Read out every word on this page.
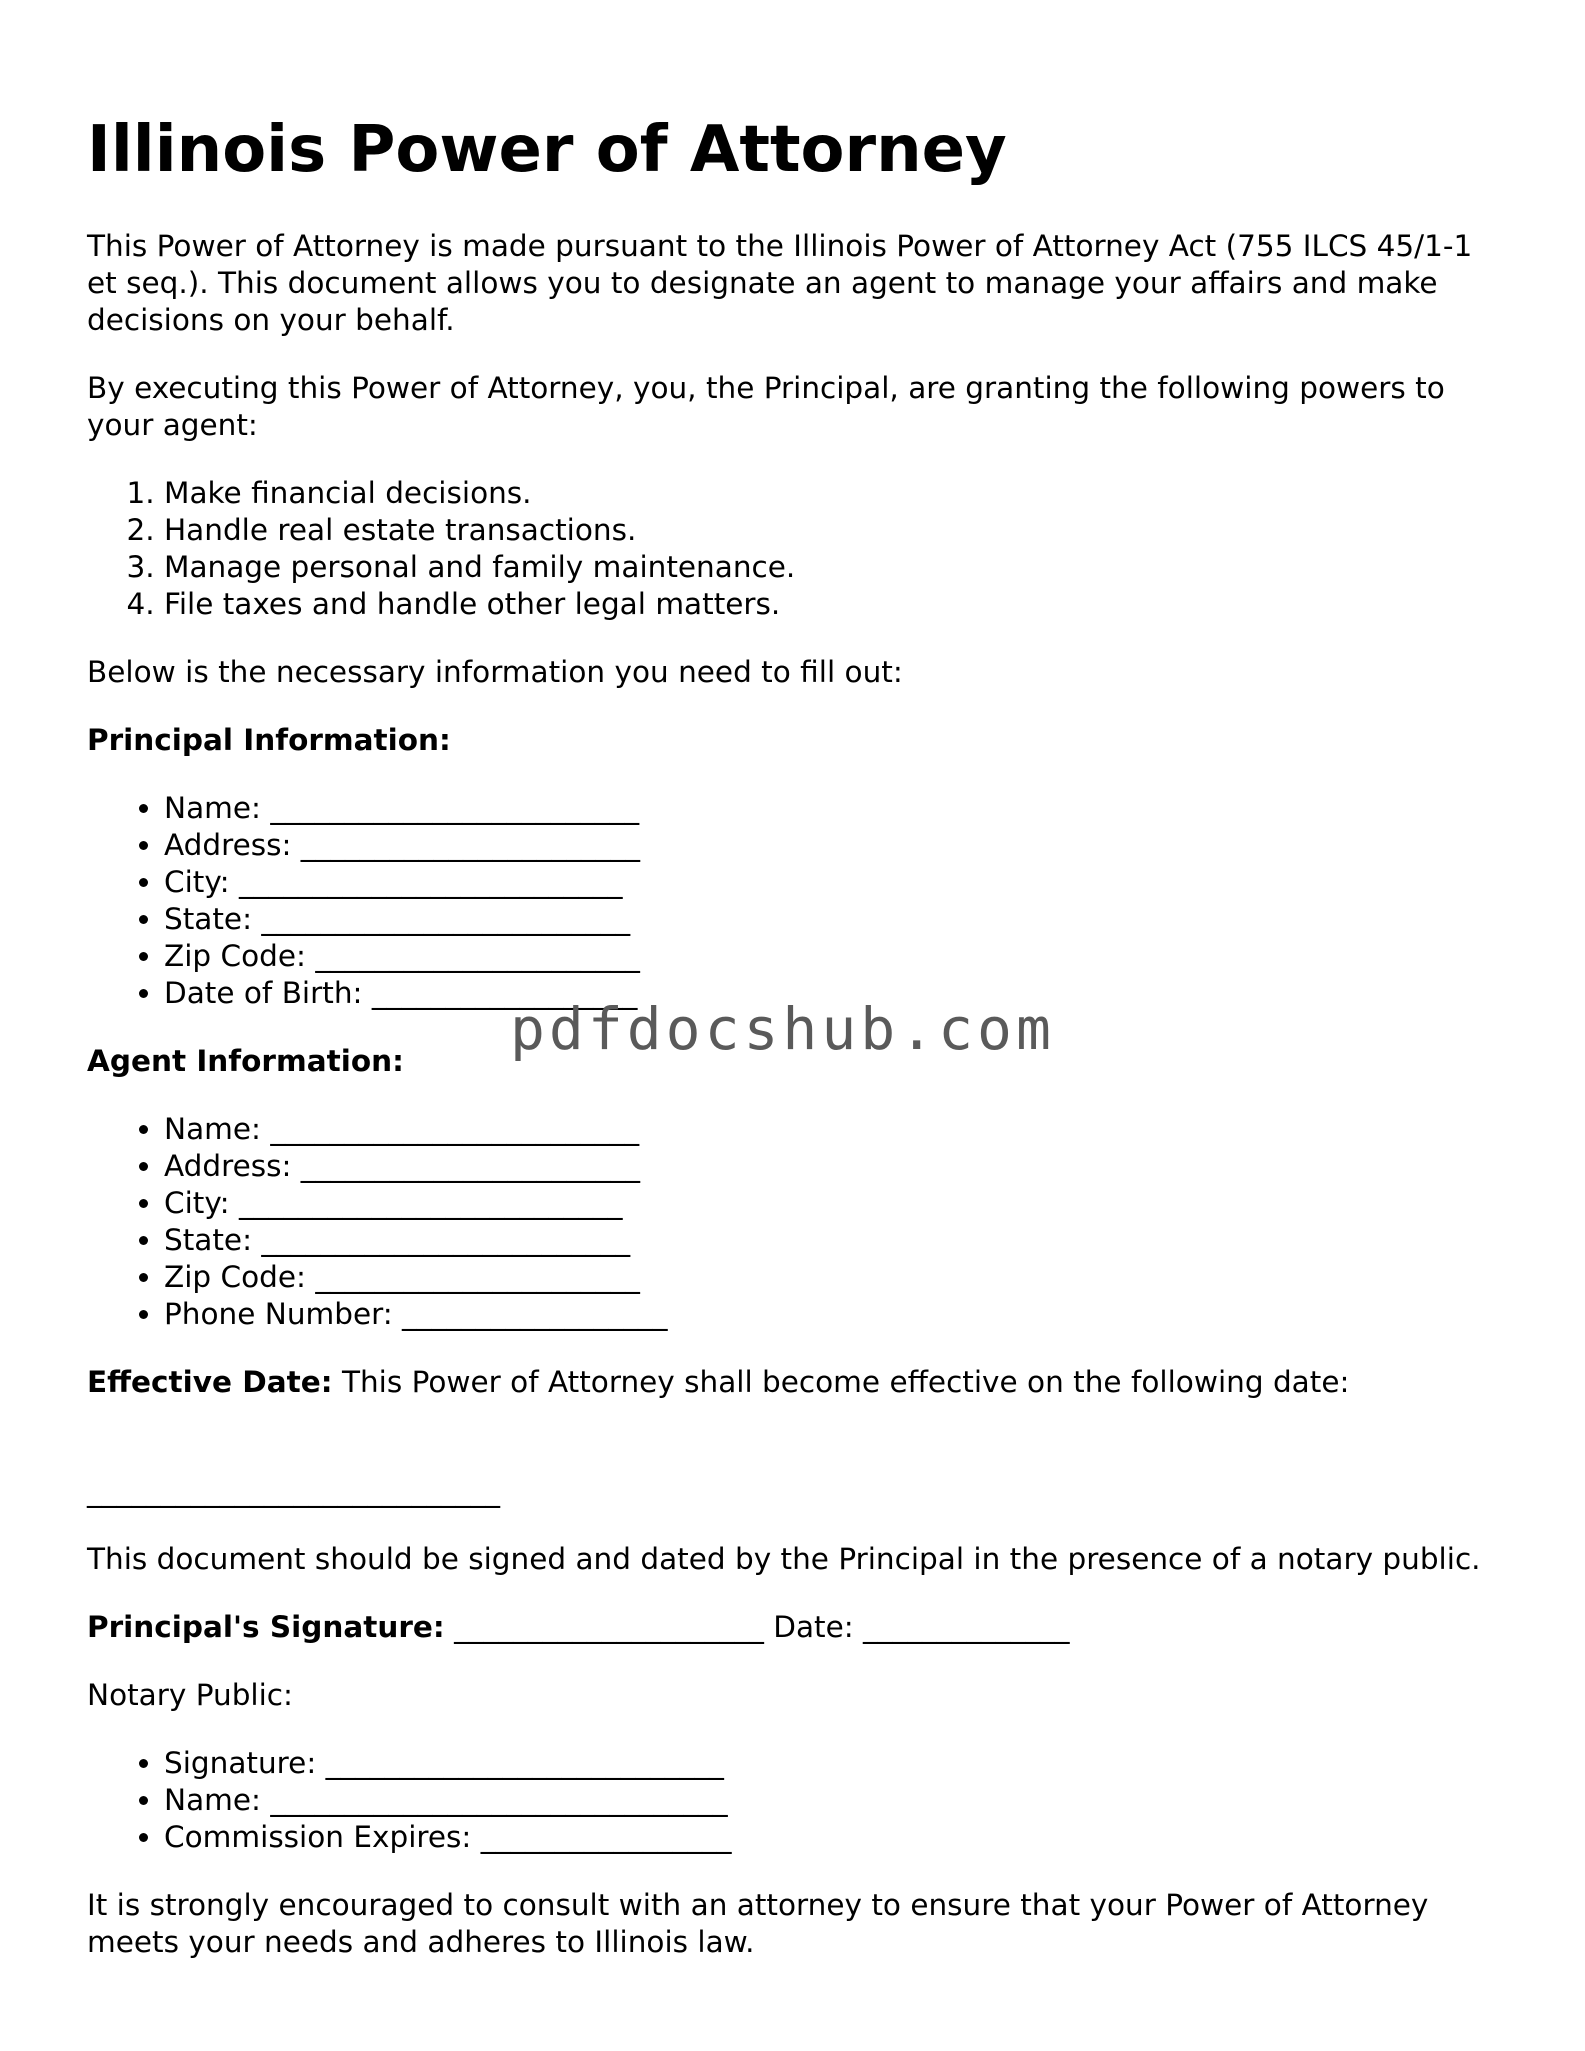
Illinois Power of Attorney

This Power of Attorney is made pursuant to the Illinois Power of Attorney Act (755 ILCS 45/1-1 et seq.). This document allows you to designate an agent to manage your affairs and make decisions on your behalf.

By executing this Power of Attorney, you, the Principal, are granting the following powers to your agent:

1. Make financial decisions.
2. Handle real estate transactions.
3. Manage personal and family maintenance.
4. File taxes and handle other legal matters.

Below is the necessary information you need to fill out:

Principal Information:

• Name: _________________________
• Address: _______________________
• City: __________________________
• State: _________________________
• Zip Code: ______________________
• Date of Birth: __________________

Agent Information:

• Name: _________________________
• Address: _______________________
• City: __________________________
• State: _________________________
• Zip Code: ______________________
• Phone Number: __________________

Effective Date: This Power of Attorney shall become effective on the following date:

____________________________

This document should be signed and dated by the Principal in the presence of a notary public.

Principal's Signature: _____________________ Date: ______________

Notary Public:

• Signature: ___________________________
• Name: _______________________________
• Commission Expires: _________________

It is strongly encouraged to consult with an attorney to ensure that your Power of Attorney meets your needs and adheres to Illinois law.

pdfdocshub.com
